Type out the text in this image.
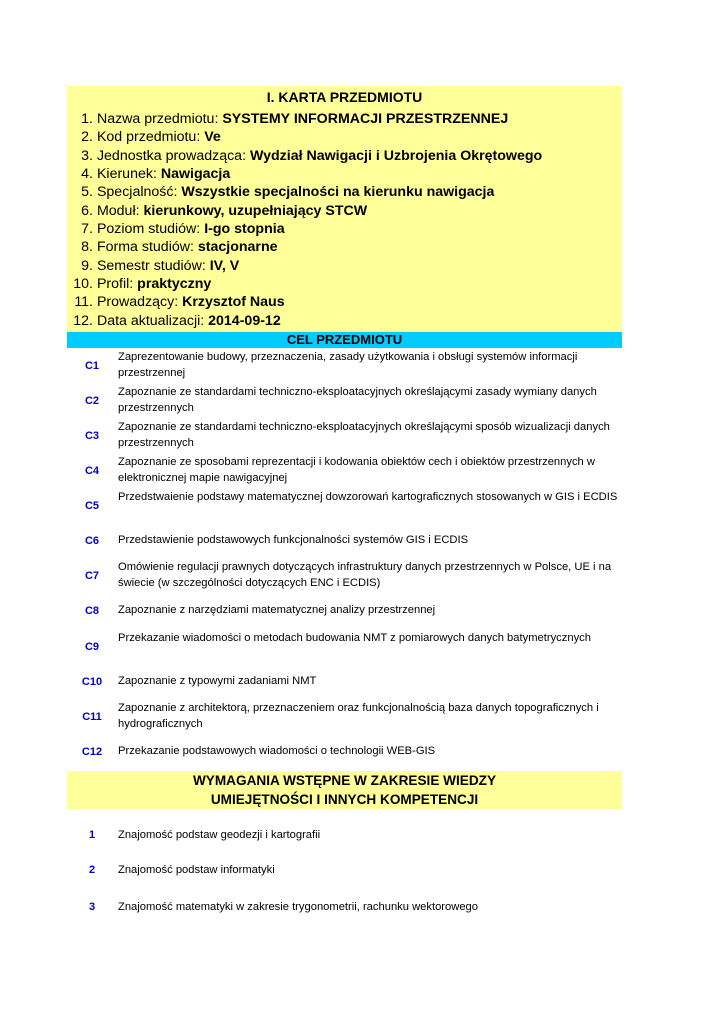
I. KARTA PRZEDMIOTU
1. Nazwa przedmiotu: SYSTEMY INFORMACJI PRZESTRZENNEJ
2. Kod przedmiotu: Ve
3. Jednostka prowadząca: Wydział Nawigacji i Uzbrojenia Okrętowego
4. Kierunek: Nawigacja
5. Specjalność: Wszystkie specjalności na kierunku nawigacja
6. Moduł: kierunkowy, uzupełniający STCW
7. Poziom studiów: I-go stopnia
8. Forma studiów: stacjonarne
9. Semestr studiów: IV, V
10. Profil: praktyczny
11. Prowadzący: Krzysztof Naus
12. Data aktualizacji: 2014-09-12
CEL PRZEDMIOTU
C1
Zaprezentowanie budowy, przeznaczenia, zasady użytkowania i obsługi systemów informacji przestrzennej
C2
Zapoznanie ze standardami techniczno-eksploatacyjnych określającymi zasady wymiany danych przestrzennych
C3
Zapoznanie ze standardami techniczno-eksploatacyjnych określającymi sposób wizualizacji danych przestrzennych
C4
Zapoznanie ze sposobami reprezentacji i kodowania obiektów cech i obiektów przestrzennych w elektronicznej mapie nawigacyjnej
C5
Przedstwaienie podstawy matematycznej dowzorowań kartograficznych stosowanych w GIS i ECDIS
C6	Przedstawienie podstawowych funkcjonalności systemów GIS i ECDIS
C7
Omówienie regulacji prawnych dotyczących infrastruktury danych przestrzennych w Polsce, UE i na świecie (w szczególności dotyczących ENC i ECDIS)
C8	Zapoznanie z narzędziami matematycznej analizy przestrzennej
C9
Przekazanie wiadomości o metodach budowania NMT z pomiarowych danych batymetrycznych
C10	Zapoznanie z typowymi zadaniami NMT
C11
Zapoznanie z architektorą, przeznaczeniem oraz funkcjonalnością baza danych topograficznych i hydrograficznych
C12	Przekazanie podstawowych wiadomości o technologii WEB-GIS
WYMAGANIA WSTĘPNE W ZAKRESIE WIEDZY
UMIEJĘTNOŚCI I INNYCH KOMPETENCJI
1	Znajomość podstaw geodezji i kartografii
2	Znajomość podstaw informatyki
3	Znajomość matematyki w zakresie trygonometrii, rachunku wektorowego
